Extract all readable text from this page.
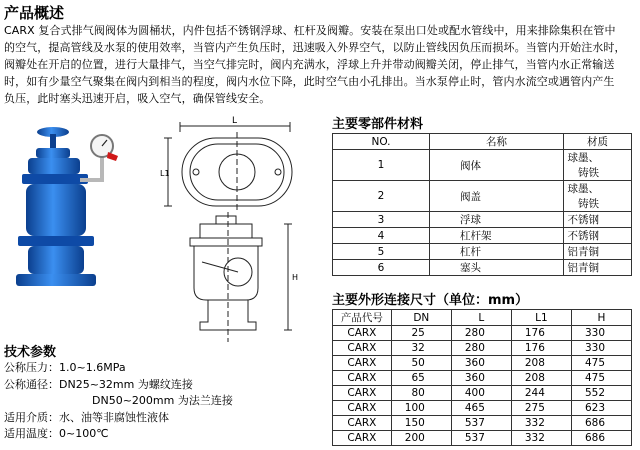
产品概述
CARX 复合式排气阀阀体为圆桶状，内件包括不锈钢浮球、杠杆及阀瓣。安装在泵出口处或配水管线中，用来排除集积在管中
的空气，提高管线及水泵的使用效率，当管内产生负压时，迅速吸入外界空气，以防止管线因负压而损坏。当管内开始注水时，
阀瓣处在开启的位置，进行大量排气，当空气排完时，阀内充满水，浮球上升并带动阀瓣关闭，停止排气，当管内水正常输送
时，如有少量空气聚集在阀内到相当的程度，阀内水位下降，此时空气由小孔排出。当水泵停止时，管内水流空或遇管内产生
负压，此时塞头迅速开启，吸入空气，确保管线安全。
L
L1
H
主要零部件材料
NO.	名称	材质
1	阀体	球墨、铸铁
2	阀盖	球墨、铸铁
3	浮球	不锈钢
4	杠杆架	不锈钢
5	杠杆	铝青铜
6	塞头	铝青铜
主要外形连接尺寸（单位：mm）
产品代号	DN	L	L1	H
CARX	25	280	176	330
CARX	32	280	176	330
CARX	50	360	208	475
CARX	65	360	208	475
CARX	80	400	244	552
CARX	100	465	275	623
CARX	150	537	332	686
CARX	200	537	332	686
技术参数
公称压力：1.0~1.6MPa
公称通径：DN25~32mm 为螺纹连接
DN50~200mm 为法兰连接
适用介质：水、油等非腐蚀性液体
适用温度：0~100℃
